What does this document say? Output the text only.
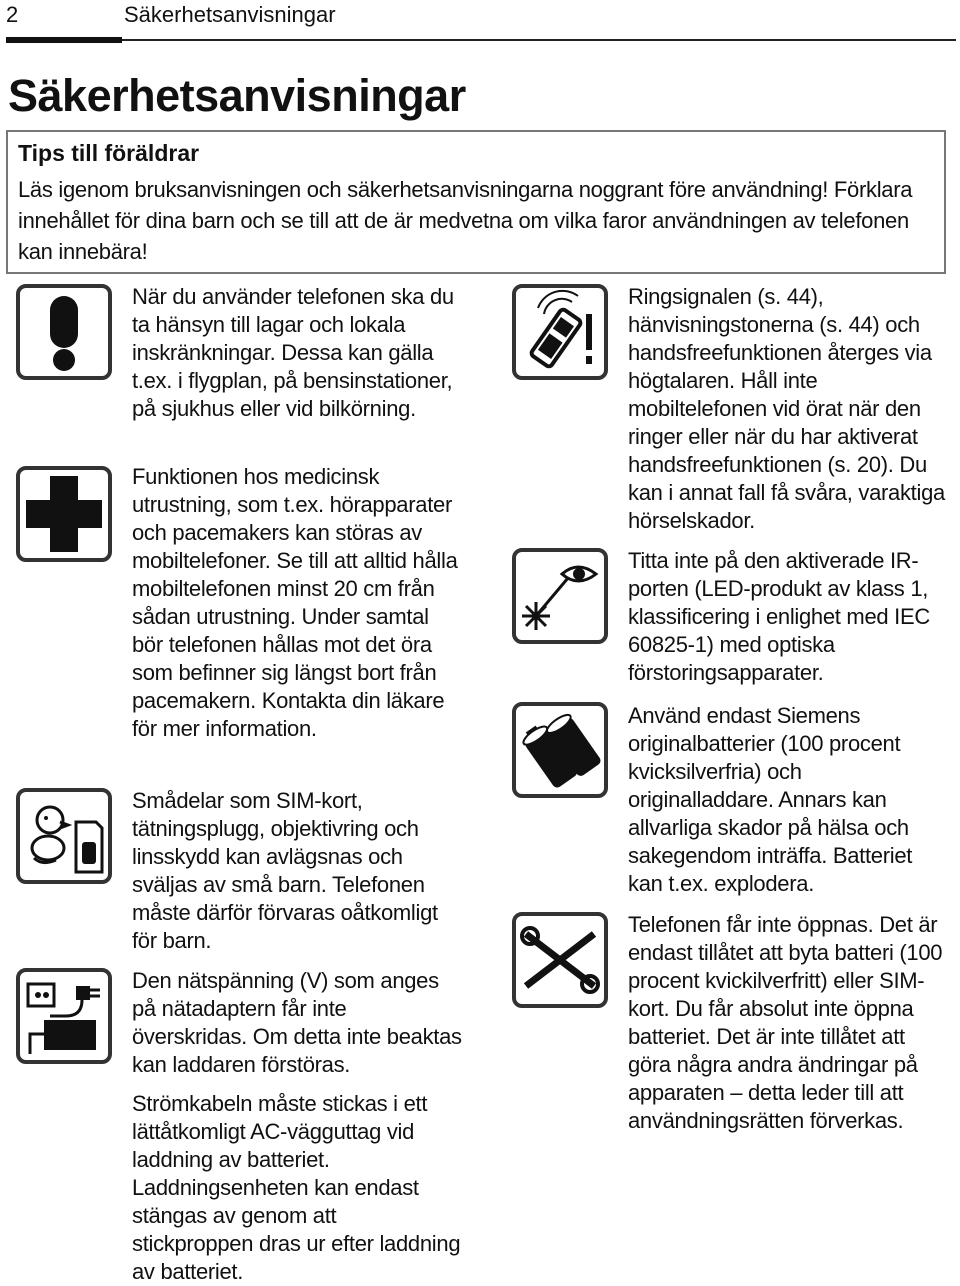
2	Säkerhetsanvisningar
Säkerhetsanvisningar
Tips till föräldrar
Läs igenom bruksanvisningen och säkerhetsanvisningarna noggrant före användning! Förklara innehållet för dina barn och se till att de är medvetna om vilka faror användningen av telefonen kan innebära!

När du använder telefonen ska du ta hänsyn till lagar och lokala inskränkningar. Dessa kan gälla t.ex. i flygplan, på bensinstationer, på sjukhus eller vid bilkörning.

Funktionen hos medicinsk utrustning, som t.ex. hörapparater och pacemakers kan störas av mobiltelefoner. Se till att alltid hålla mobiltelefonen minst 20 cm från sådan utrustning. Under samtal bör telefonen hållas mot det öra som befinner sig längst bort från pacemakern. Kontakta din läkare för mer information.

Smådelar som SIM-kort, tätningsplugg, objektivring och linsskydd kan avlägsnas och sväljas av små barn. Telefonen måste därför förvaras oåtkomligt för barn.

Den nätspänning (V) som anges på nätadaptern får inte överskridas. Om detta inte beaktas kan laddaren förstöras.

Strömkabeln måste stickas i ett lättåtkomligt AC-vägguttag vid laddning av batteriet. Laddningsenheten kan endast stängas av genom att stickproppen dras ur efter laddning av batteriet.

Ringsignalen (s. 44), hänvisningstonerna (s. 44) och handsfreefunktionen återges via högtalaren. Håll inte mobiltelefonen vid örat när den ringer eller när du har aktiverat handsfreefunktionen (s. 20). Du kan i annat fall få svåra, varaktiga hörselskador.

Titta inte på den aktiverade IR-porten (LED-produkt av klass 1, klassificering i enlighet med IEC 60825-1) med optiska förstoringsapparater.

Använd endast Siemens originalbatterier (100 procent kvicksilverfria) och originalladdare. Annars kan allvarliga skador på hälsa och sakegendom inträffa. Batteriet kan t.ex. explodera.

Telefonen får inte öppnas. Det är endast tillåtet att byta batteri (100 procent kvickilverfritt) eller SIM-kort. Du får absolut inte öppna batteriet. Det är inte tillåtet att göra några andra ändringar på apparaten – detta leder till att användningsrätten förverkas.
